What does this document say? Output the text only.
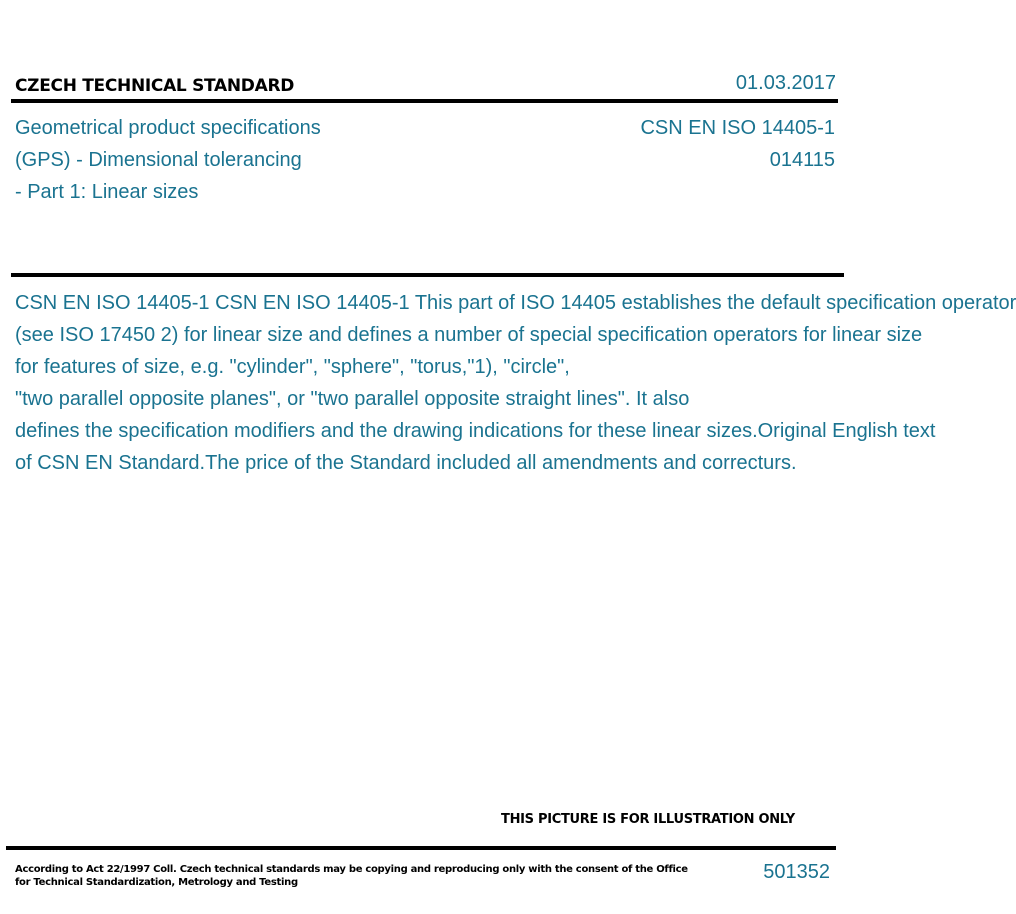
CZECH TECHNICAL STANDARD	01.03.2017
Geometrical product specifications
(GPS) - Dimensional tolerancing
- Part 1: Linear sizes
CSN EN ISO 14405-1
014115
CSN EN ISO 14405-1 CSN EN ISO 14405-1 This part of ISO 14405 establishes the default specification operator
(see ISO 17450 2) for linear size and defines a number of special specification operators for linear size
for features of size, e.g. "cylinder", "sphere", "torus,"1), "circle",
"two parallel opposite planes", or "two parallel opposite straight lines". It also
defines the specification modifiers and the drawing indications for these linear sizes.Original English text
of CSN EN Standard.The price of the Standard included all amendments and correcturs.
THIS PICTURE IS FOR ILLUSTRATION ONLY
According to Act 22/1997 Coll. Czech technical standards may be copying and reproducing only with the consent of the Office
for Technical Standardization, Metrology and Testing	501352
